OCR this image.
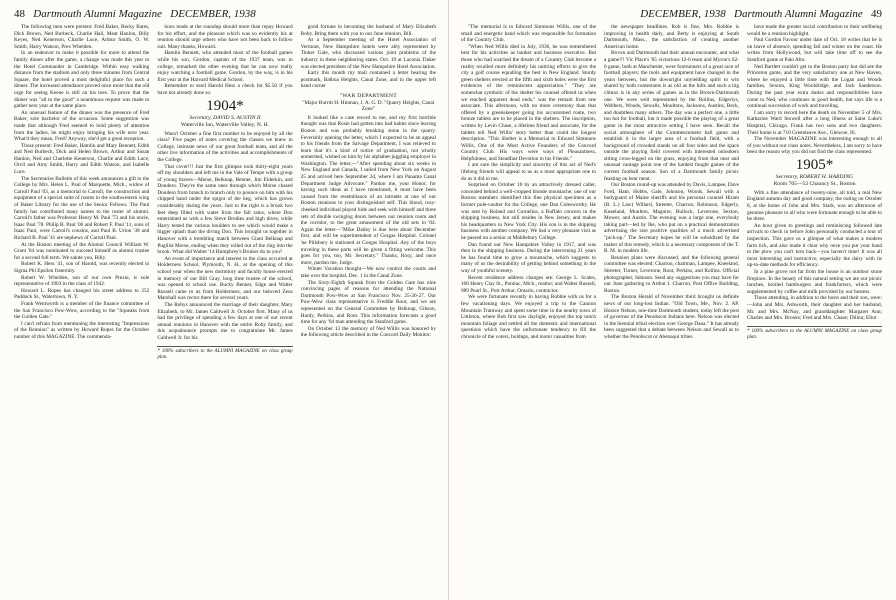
48 Dartmouth Alumni Magazine DECEMBER, 1938

The following men were present: Fred Baker, Becky Bates, Dick Brown, Ned Burbeck, Charlie Hall, Meat Hanlon, Billy Keyes, Ned Kenerson, Charlie Luce, Arthur Smith, O. W. Smith, Harry Watson, Prex Whelden.

In an endeavor to make it possible for more to attend the family dinner after the game, a change was made this year to the Hotel Commander in Cambridge. Within easy walking distance from the stadium and only three minutes from Central Square, the hotel proved a most delightful place for such a dinner. The increased attendance proved once more that the old urge for seeing Keene is still on his toes. To prove that the dinner was "all to the good" a unanimous request was made to gather next year at the same place.

An unusual feature of the dinner was the presence of Fred Baker, sole bachelor of the occasion. Some suggestion was made that although Fred seemed to hold plenty of attention from the ladies, he might enjoy bringing his wife next year. What'd they mean, Fred? Anyway, she'd get a great reception.

Those present: Fred Baker, Hamlin and Mary Bennett, Edith and Ned Burbeck, Dick and Helen Brown, Arthur and Susan Hanlon, Ned and Charlotte Kenerson, Charlie and Edith Luce, Orvil and Amy Smith, Harry and Edith Watson, and Isabelle Luce.

The Secretaries Bulletin of this week announces a gift to the College by Mrs. Helen L. Paul of Marquette, Mich., widow of Carroll Paul '03, as a memorial to Carroll, the construction and equipment of a special suite of rooms in the southwestern wing of Baker Library for the use of the Senior Fellows. The Paul family has contributed many names to the roster of alumni. Carroll's father was Professor Henry M. Paul '73 and his uncle, Isaac Paul '78. Philip B. Paul '06 and Robert F. Paul '11, sons of Isaac Paul, were Carroll's cousins, and Paul B. Urion '38 and Richard B. Paul '41 are nephews of Carroll Paul.

At the Boston meeting of the Alumni Council William W. Grant '04 was nominated to succeed himself as alumni trustee for a second full term. We salute you, Billy.

Robert K. Hess '41, son of Harold, was recently elected to Sigma Phi Epsilon fraternity.

Robert W. Whelden, son of our own Prexie, is sole representative of 1903 in the class of 1942.

Howard L. Ropes has changed his street address to 252 Paddock St., Watertown, N. Y.

Frank Wentworth is a member of the finance committee of the San Francisco Pow-Wow, according to the "Squeaks from the Golden Gate."

I can't refrain from mentioning the interesting "Impressions of the Reunion" as written by Howard Ropes for the October number of this MAGAZINE. The commenda-

tions made at the roundup should more than repay Howard for his effort, and the pleasure which was so evidently his at reunion should urge others who have not been back to follow suit. Many thanks, Howard.

Hamlin Bennett, who attended most of the football games while his son, Gordon, captain of the 1937 team, was in college, remarked the other evening that he can now really enjoy watching a football game. Gordon, by the way, is in his first year at the Harvard Medical School.

Remember to send Harold Hess a check for $5.50 if you have not already done so.

1904*

Secretary, DAVID S. AUSTIN II

Waterville Inn, Waterville Valley, N. H.

Wasn't October a fine first number to be enjoyed by all the class? Five pages of notes covering the classes we knew in College, intimate news of our great football team, and all the other live information of the activities and accomplishments of the College.

That cover!!! Just the first glimpse took thirty-eight years off my shoulders and left me in the Vale of Tempe with a group of young braves—Morse, Belknap, Benner, Jim Elderkin, and Dondero. They're the same ones through which Morse chased Dondero from branch to branch only to pounce on him with his chipped hand under the spigot of the keg, which has grown considerably during the years. Just to the right is a brook two feet deep filled with water from the fall rains, where Don entertained us with a few Steve Brodies and high dives, while Harry tested the various boulders to see which would make a bigger splash than the diving Don. This brought us together in Hanover with a trembling match between Giant Belknap and Pugilist Morse, ending when they rolled out of the ring into the brook. What did Walter '14 Humphrey's Bruiser do to you?

An event of importance and interest to the class occurred at Holderness School, Plymouth, N. H., at the opening of this school year when the new dormitory and faculty house erected in memory of our Bill Gray, long time trustee of the school, was opened to school use. Bucky Benner, Edge and Walter Russell came to us from Holderness, and our beloved Zeus Marshall was rector there for several years.

The Robys announced the marriage of their daughter, Mary Elizabeth, to Mr. James Caldwell Jr. October first. Many of us had the privilege of spending a few days at one of our recent annual reunions in Hanover with the entire Roby family, and this acquaintance prompts me to congratulate Mr. James Caldwell Jr. for his

* 100% subscribers to the ALUMNI MAGAZINE on class group plan.

good fortune in becoming the husband of Mary Elizabeth Roby. Bring them with you to our June reunion, Bill.

At a September meeting of the Hotel Association of Vermont, New Hampshire hotels were ably represented by Tinker Gale, who discussed various joint problems of the industry in these neighboring states. Oct. 19 at Laconia Tinker was elected president of the New Hampshire Hotel Association.

Early this month my mail contained a letter bearing the postmark, Balboa Heights, Canal Zone, and in the upper left hand corner

"WAR DEPARTMENT

"Major Burritt H. Hinman, J. A. G. D. "Quarry Heights, Canal Zone"

It looked like a case record to me, and my first horrible thought was that Rosie had gotten into bad habits since leaving Boston and was probably breaking stone in the quarry. Feverishly opening the letter, which I expected to be an appeal to his friends from the Salvage Department, I was relieved to learn that it's a kind of notice of graduation, not wholly unmerited, wished on him by his alphabet-juggling employer in Washington. The letter,—"After spending about six weeks in New England and Canada, I sailed from New York on August 25 and arrived here September 2d, where I am Panama Canal Department Judge Advocate." Pardon me, your Honor, for having such ideas as I have mentioned, it must have been caused from the resemblance of an intruder at one of our Boston reunions to your distinguished self. This blond, rosy-cheeked individual played hide and seek with himself and three sets of double swinging doors between our reunion room and the corridor, to the great amusement of the old sets in '04. Again the letter—"Mike Dailey is due here about December first, and will be superintendent of Gorgas Hospital. Colonel 'ne Pillsbury is stationed at Gorgas Hospital. Any of the boys traveling in these parts will be given a fitting welcome. This goes for you, too, Mr. Secretary." Thanks, Rosy, and once more, pardon me, Judge.

Winter Vacation thought—We now control the courts and take over the hospital. Dec. 1 in the Canal Zone.

The Sixty-Eighth Squeak from the Golden Gate has nine convincing pages of reasons for attending the National Dartmouth Pow-Wow at San Francisco Nov. 25-26-27. Our Pow-Wow class representative is Freddie Root, and we are represented on the General Committee by Belknap, Gibson, Hardy, Perkins, and Root. This information forecasts a good time for any '04 man attending the Stanford game.

On October 13 the memory of Ned Willis was honored by the following article described in the Concord Daily Monitor:

DECEMBER, 1938 Dartmouth Alumni Magazine 49

"The memorial is to Edward Simmons Willis, one of the small and energetic band which was responsible for formation of the Country Club.

"When Ned Willis died in July, 1936, he was remembered best for his activities as banker and business executive. But those who had watched the dream of a Country Club become a reality recalled more definitely his untiring efforts to give the city a golf course equalling the best in New England. Sturdy green shelters erected at the fifth and sixth holes were the first evidences of the reminiscent appreciation." "They are somewhat symbolic of the shelter his counsel offered us when we reached apparent dead ends," was the remark from one associate. This afternoon, with no more ceremony than that offered by a greenskeeper going his accustomed route, two bronze tablets are to be placed in the shelters. The inscription, written by Levin Chase, a lifetime friend and associate, for the tablets tell Ned Willis' story better than could the longest description. "This Shelter is a Memorial to Edward Simmons Willis, One of the Most Active Founders of the Concord Country Club. His ways were ways of Pleasantness, Helpfulness, and Steadfast Devotion to his Friends."

I am sure the simplicity and sincerity of this act of Ned's lifelong friends will appeal to us as a most appropriate one to do as it did to me.

Surprised on October 10 by an attractively dressed caller, concealed behind a well-cropped blonde moustache; one of our Boston members identified this fine physical specimen as a former pole-vaulter for the College, one Dan Colesworthy. He was sent by Roland and Cornelius, a Buffalo concern in the shipping business, but still resides in New Jersey, and makes his headquarters in New York City. His son is in the shipping business with another company. We had a very pleasant visit as he passed on a senior at Middlebury College.

Dan found our New Hampshire Valley in 1917, and was then in the shipping business. During the intervening 21 years he has found time to grow a moustache, which suggests to many of us the desirability of getting behind something in the way of youthful scenery.

Recent residence address changes are: George L. Scales, 100 Henry Clay St., Pontiac, Mich., realtor; and Walter Russell, 989 Pearl St., Port Arthur, Ontario, contractor.

We were fortunate recently in having Robbie with us for a few vacationing days. We enjoyed a trip to the Cannon Mountain Tramway and spent some time in the nearby town of Littleton, where Bob first saw daylight, enjoyed the top notch mountain foliage and settled all the domestic and international questions which have the unfortunate tendency to fill the chronicle of the voters, holdups, and motor casualties from

the newspaper headlines. Rob is fine, Mrs. Robbie is improving in health daily, and Betty is enjoying at South Dartmouth, Mass., the satisfaction of creating another American home.

Brown and Dartmouth had their annual encounter, and what a game!!! Vic Place's '05 victorious 12-6 team and Myron's 62-0 game, both at Manchester, were forerunners of a great race of football players; the tools and equipment have changed in the years between, but the downright unyielding spirit to win shared by both contestants is as old as the hills and such a big climax is in any series of games as in the Brown-Dartmouth one. We were well represented by the Rollins, Edgerlys, Webbers, Woods, Sewalls, Moultons, Jacksons, Austins, Beck, and doubtless many others. The day was a perfect one, a little too hot for football, but it made possible the playing of a great game in the most attractive setting I have seen. Recall the social atmosphere of the Commencement ball game and establish it in the larger area of a football field, with a background of crowded stands on all four sides and the space outside the playing field covered with interested onlookers sitting cross-legged on the grass, enjoying from that near and unusual vantage point one of the hardest fought games of the current football season. Son of a Dartmouth family picnic feasting on bear meat.

Our Boston round-up was attended by Davis, Lampee, Dave Ford, Ham. Hobbs, Gale, Johnson, Woods, Sewall with a bodyguard of Maine sheriffs and his personal counsel Hiram (B. L.) Law) Willard, Streeter, Charron, Robinson, Edgerly, Kneeland, Moulton, Maguire, Bullock, Leverone, Sexton, Mower, and Austin. The evening was a large one, everybody taking part—led by Ike, who put on a practical demonstration advertising the rare positive qualities of a much advertised "pick-up." The Secretary hopes he will be subsidized by the maker of this remedy, which is a necessary component of the T. B. M. in modern life.

Reunion plans were discussed, and the following general committee was elected: Charron, chairman, Lampee, Kneeland, Streeter, Turner, Leverone, Root, Perkins, and Rollins. Official photographer, Johnson. Send any suggestions you may have for our June gathering to Arthur I. Charron, Post Office Building, Boston.

The Boston Herald of November third brought us definite news of our long-lost Indian. "Old Town, Me., Nov. 2. AP. Horace Nelson, one-time Dartmouth student, today left the post of governor of the Penobscot Indians here. Nelson was elected in the biennial tribal election over George Dana." It has already been suggested that a debate between Nelson and Sewall as to whether the Penobscot or Abenaqui tribes

have made the greater social contribution to their wellbeing would be a reunion highlight.

Paul Gordon Favour under date of Oct. 18 writes that he is on leave of absence, spending fall and winter on the coast. He writes from Hollywood, but will take time off to see the Stanford game at Palo Alto.

Ned Bartlett couldn't get to the Boston party but did see the Princeton game, and the very satisfactory one at New Haven, where he enjoyed a little time with the Logan and Woods families, Sexton, King Wooldridge, and Jack Sanderson. During the past year extra duties and responsibilities have come to Ned, who continues in good health, but says life is a continual succession of work and traveling.

I am sorry to record here the death on November 5 of Mrs. Katharine Ward Stowell after a long illness at Saint Luke's Hospital, Chicago. Frank has two sons and two daughters. Their home is at 710 Greenleave Ave., Glencoe, Ill.

The November MAGAZINE was interesting enough to all of you without our class notes. Nevertheless, I am sorry to have been the reason why you did not find the class represented.

1905*

Secretary, ROBERT H. HARDING

Room 705—52 Chauncy St., Boston

With a fine attendance of twenty-nine, all told, a real New England autumn day and good company, the outing on October 8, at the home of John and Mrs. Stark, was an afternoon of genuine pleasure to all who were fortunate enough to be able to be there.

An hour given to greetings and reminiscing followed late arrivals to check in before John personally conducted a tour of inspection. This gave us a glimpse of what makes a modern farm tick, and also made it clear why once you put your hand to the plow you can't turn back—you haven't time! It was all most interesting and instructive, especially the dairy with its up-to-date methods for efficiency.

In a pine grove not far from the house is an outdoor stone fireplace. In the beauty of this natural setting we ate our picnic lunches, broiled hamburgers and frankfurters, which were supplemented by coffee and milk provided by our hostess.

Those attending, in addition to the hosts and their son, were:—John and Mrs. Ashworth, their daughter and her husband, Mr. and Mrs. McNay, and granddaughter Margaret Ann; Charles and Mrs. Brooks; Fred and Mrs. Chase; Dillon; Eliot

* 100% subscribers to the ALUMNI MAGAZINE on class group plan.
